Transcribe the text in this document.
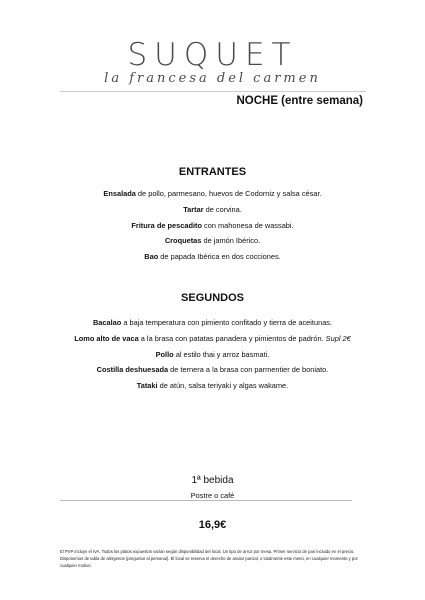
SUQUET
la francesa del carmen
NOCHE (entre semana)
ENTRANTES
Ensalada de pollo, parmesano, huevos de Codorniz y salsa césar.
Tartar de corvina.
Fritura de pescadito con mahonesa de wassabi.
Croquetas de jamón Ibérico.
Bao de papada Ibérica en dos cocciones.
SEGUNDOS
Bacalao a baja temperatura con pimiento confitado y tierra de aceitunas.
Lomo alto de vaca a la brasa con patatas panadera y pimientos de padrón. Supl 2€
Pollo al estilo thai y arroz basmati.
Costilla deshuesada de ternera a la brasa con parmentier de boniato.
Tataki de atún, salsa teriyaki y algas wakame.
1ª bebida
Postre o café
16,9€
El PVP incluye el IVA. Todos los platos expuestos varían según disponibilidad del local. Un tipo de arroz por mesa. Primer servicio de pan incluido en el precio. Disponemos de tabla de alérgenos (preguntar al personal). El local se reserva el derecho de anular parcial, o totalmente este menú, en cualquier momento y por cualquier motivo.
